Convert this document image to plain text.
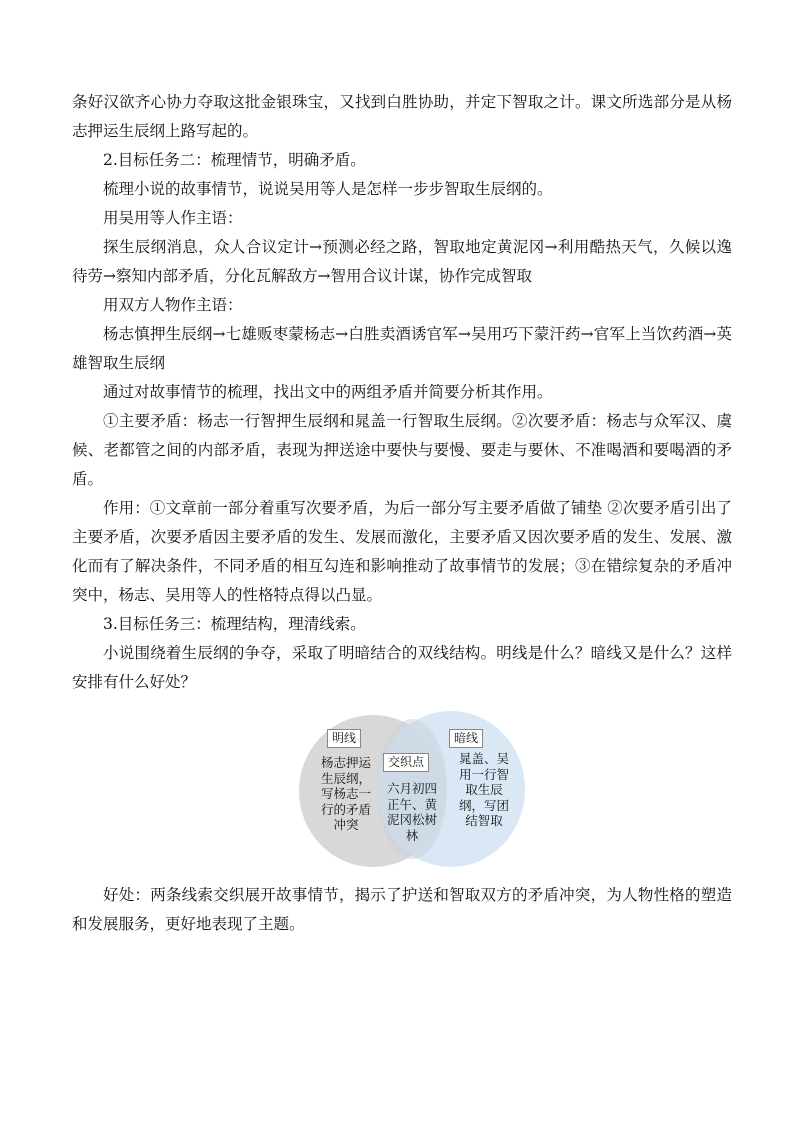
条好汉欲齐心协力夺取这批金银珠宝，又找到白胜协助，并定下智取之计。课文所选部分是从杨志押运生辰纲上路写起的。

2.目标任务二：梳理情节，明确矛盾。

梳理小说的故事情节，说说吴用等人是怎样一步步智取生辰纲的。

用吴用等人作主语：

探生辰纲消息，众人合议定计→预测必经之路，智取地定黄泥冈→利用酷热天气，久候以逸待劳→察知内部矛盾，分化瓦解敌方→智用合议计谋，协作完成智取

用双方人物作主语：

杨志慎押生辰纲→七雄贩枣蒙杨志→白胜卖酒诱官军→吴用巧下蒙汗药→官军上当饮药酒→英雄智取生辰纲

通过对故事情节的梳理，找出文中的两组矛盾并简要分析其作用。

①主要矛盾：杨志一行智押生辰纲和晁盖一行智取生辰纲。②次要矛盾：杨志与众军汉、虞候、老都管之间的内部矛盾，表现为押送途中要快与要慢、要走与要休、不准喝酒和要喝酒的矛盾。

作用：①文章前一部分着重写次要矛盾，为后一部分写主要矛盾做了铺垫 ②次要矛盾引出了主要矛盾，次要矛盾因主要矛盾的发生、发展而激化，主要矛盾又因次要矛盾的发生、发展、激化而有了解决条件，不同矛盾的相互勾连和影响推动了故事情节的发展；③在错综复杂的矛盾冲突中，杨志、吴用等人的性格特点得以凸显。

3.目标任务三：梳理结构，理清线索。

小说围绕着生辰纲的争夺，采取了明暗结合的双线结构。明线是什么？暗线又是什么？这样安排有什么好处？

明线
杨志押运生辰纲，写杨志一行的矛盾冲突
交织点
六月初四正午、黄泥冈松树林
暗线
晁盖、吴用一行智取生辰纲，写团结智取

好处：两条线索交织展开故事情节，揭示了护送和智取双方的矛盾冲突，为人物性格的塑造和发展服务，更好地表现了主题。
